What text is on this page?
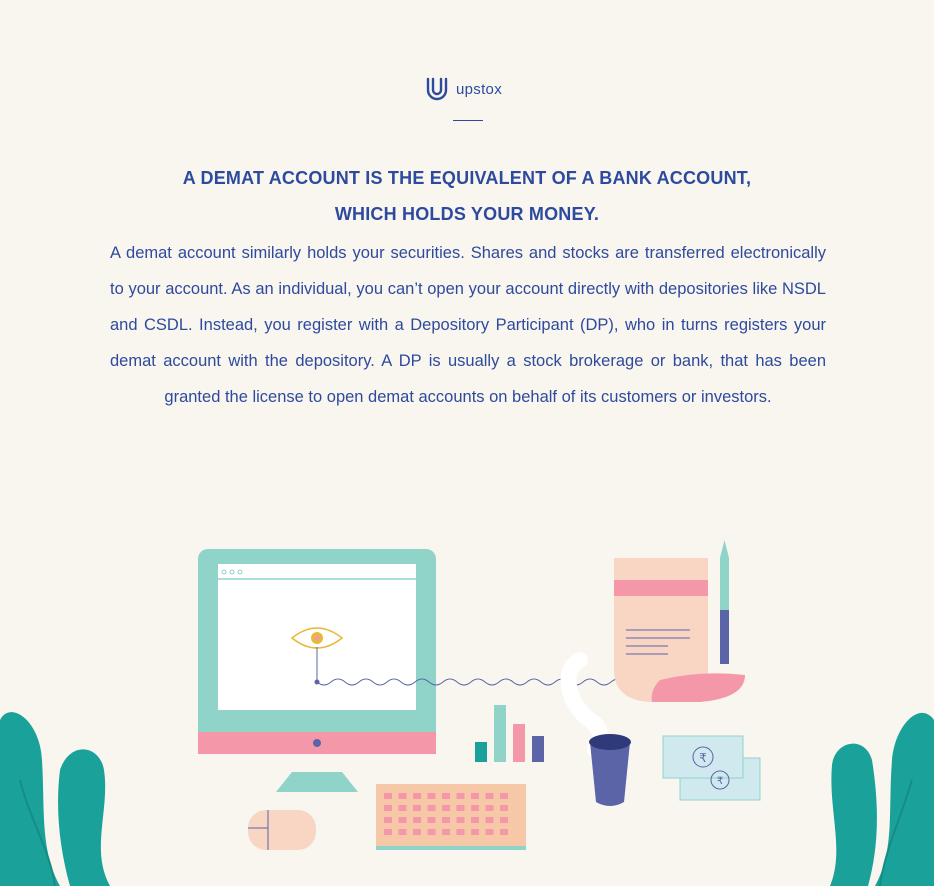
upstox
A DEMAT ACCOUNT IS THE EQUIVALENT OF A BANK ACCOUNT,
WHICH HOLDS YOUR MONEY.

A demat account similarly holds your securities. Shares and stocks are transferred electronically to your account. As an individual, you can’t open your account directly with depositories like NSDL and CSDL. Instead, you register with a Depository Participant (DP), who in turns registers your demat account with the depository. A DP is usually a stock brokerage or bank, that has been granted the license to open demat accounts on behalf of its customers or investors.

₹
₹
